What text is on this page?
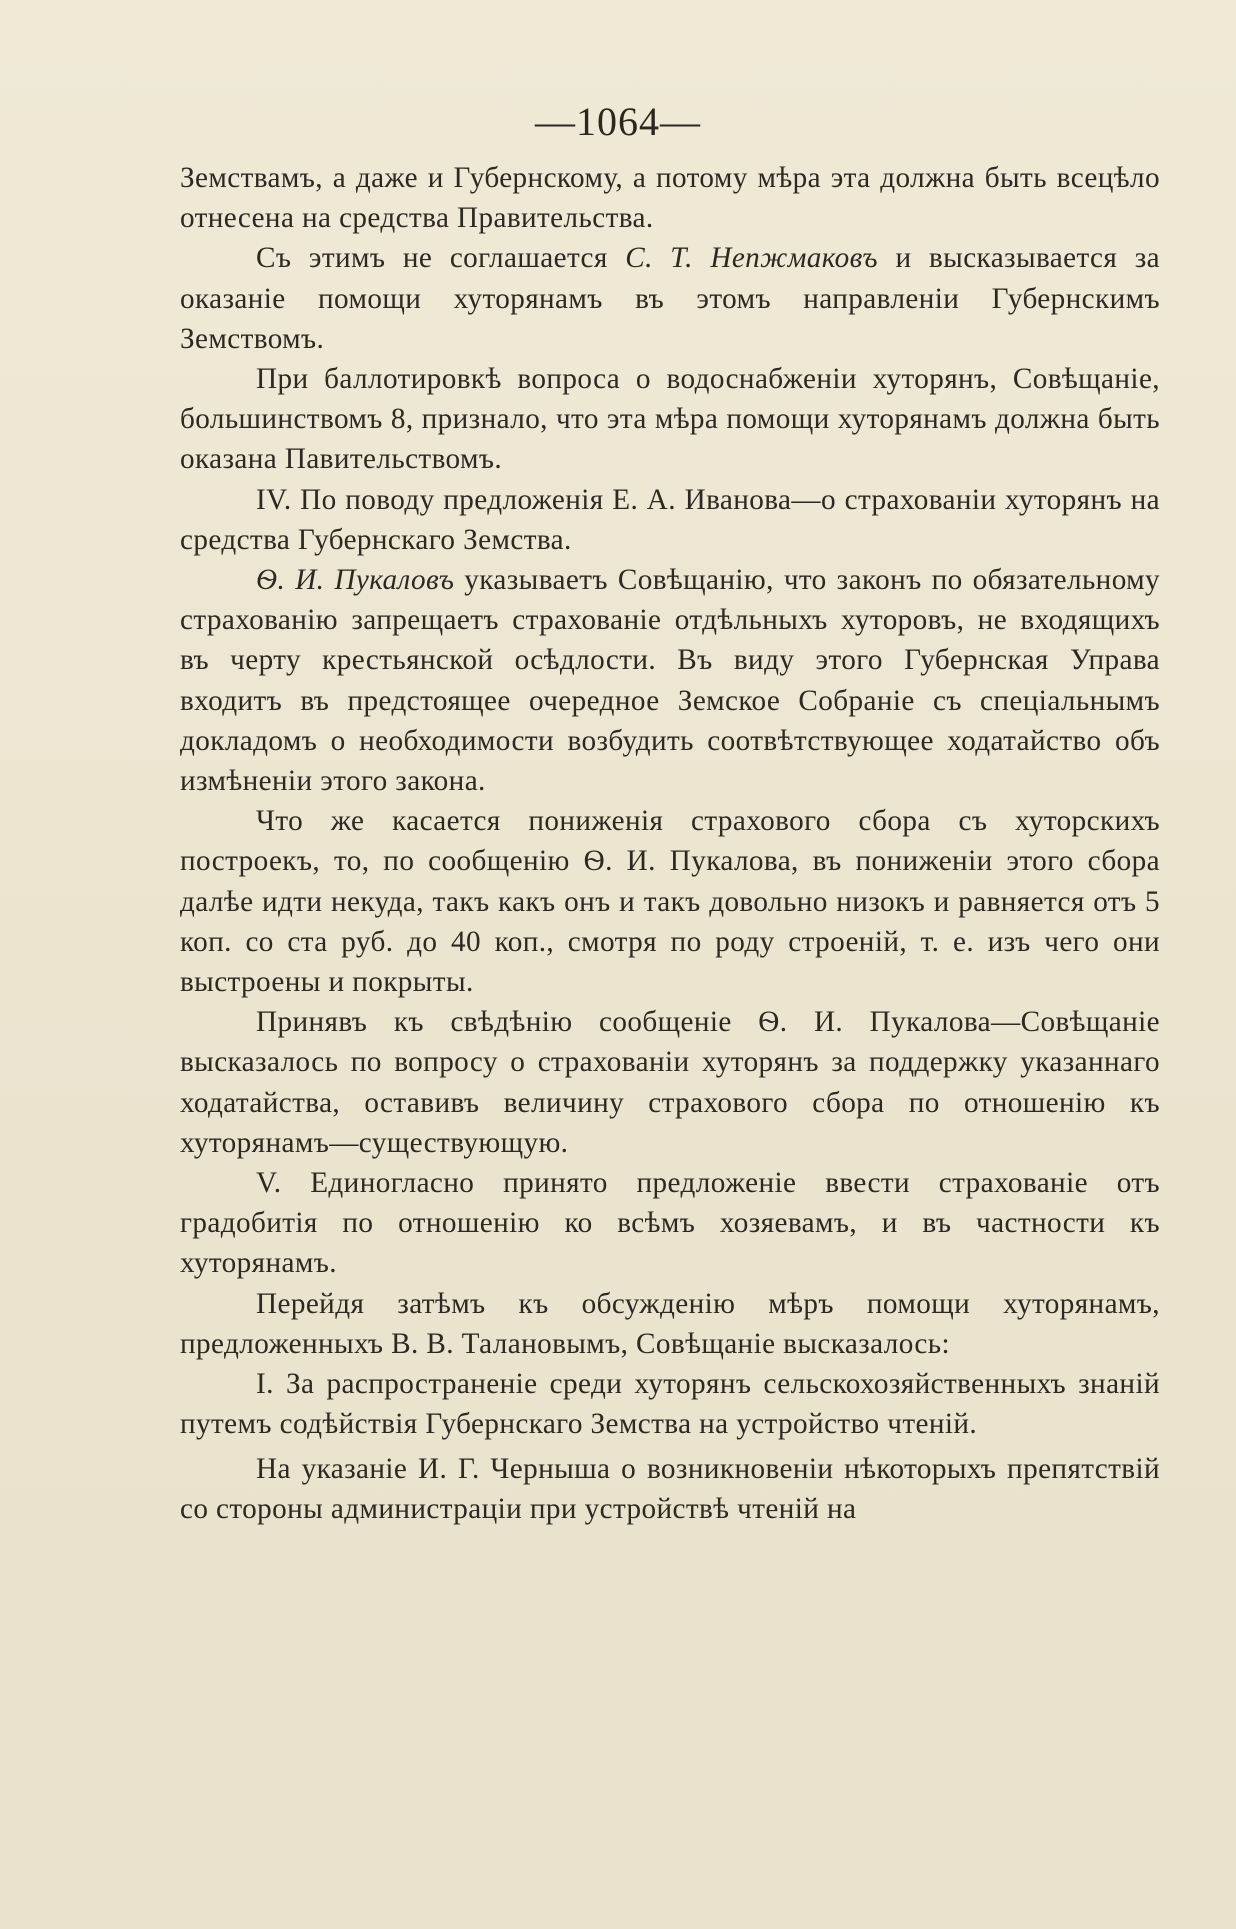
—1064—

Земствамъ, а даже и Губернскому, а потому мѣра эта должна быть всецѣло отнесена на средства Правительства.

Съ этимъ не соглашается С. Т. Непжмаковъ и высказывается за оказаніе помощи хуторянамъ въ этомъ направленіи Губернскимъ Земствомъ.

При баллотировкѣ вопроса о водоснабженіи хуторянъ, Совѣщаніе, большинствомъ 8, признало, что эта мѣра помощи хуторянамъ должна быть оказана Павительствомъ.

IV. По поводу предложенія Е. А. Иванова—о страхованіи хуторянъ на средства Губернскаго Земства.

Ѳ. И. Пукаловъ указываетъ Совѣщанію, что законъ по обязательному страхованію запрещаетъ страхованіе отдѣльныхъ хуторовъ, не входящихъ въ черту крестьянской осѣдлости. Въ виду этого Губернская Управа входитъ въ предстоящее очередное Земское Собраніе съ спеціальнымъ докладомъ о необходимости возбудить соотвѣтствующее ходатайство объ измѣненіи этого закона.

Что же касается пониженія страхового сбора съ хуторскихъ построекъ, то, по сообщенію Ѳ. И. Пукалова, въ пониженіи этого сбора далѣе идти некуда, такъ какъ онъ и такъ довольно низокъ и равняется отъ 5 коп. со ста руб. до 40 коп., смотря по роду строеній, т. е. изъ чего они выстроены и покрыты.

Принявъ къ свѣдѣнію сообщеніе Ѳ. И. Пукалова—Совѣщаніе высказалось по вопросу о страхованіи хуторянъ за поддержку указаннаго ходатайства, оставивъ величину страхового сбора по отношенію къ хуторянамъ—существующую.

V. Единогласно принято предложеніе ввести страхованіе отъ градобитія по отношенію ко всѣмъ хозяевамъ, и въ частности къ хуторянамъ.

Перейдя затѣмъ къ обсужденію мѣръ помощи хуторянамъ, предложенныхъ В. В. Талановымъ, Совѣщаніе высказалось:

I. За распространеніе среди хуторянъ сельскохозяйственныхъ знаній путемъ содѣйствія Губернскаго Земства на устройство чтеній.

На указаніе И. Г. Черныша о возникновеніи нѣкоторыхъ препятствій со стороны администраціи при устройствѣ чтеній на
